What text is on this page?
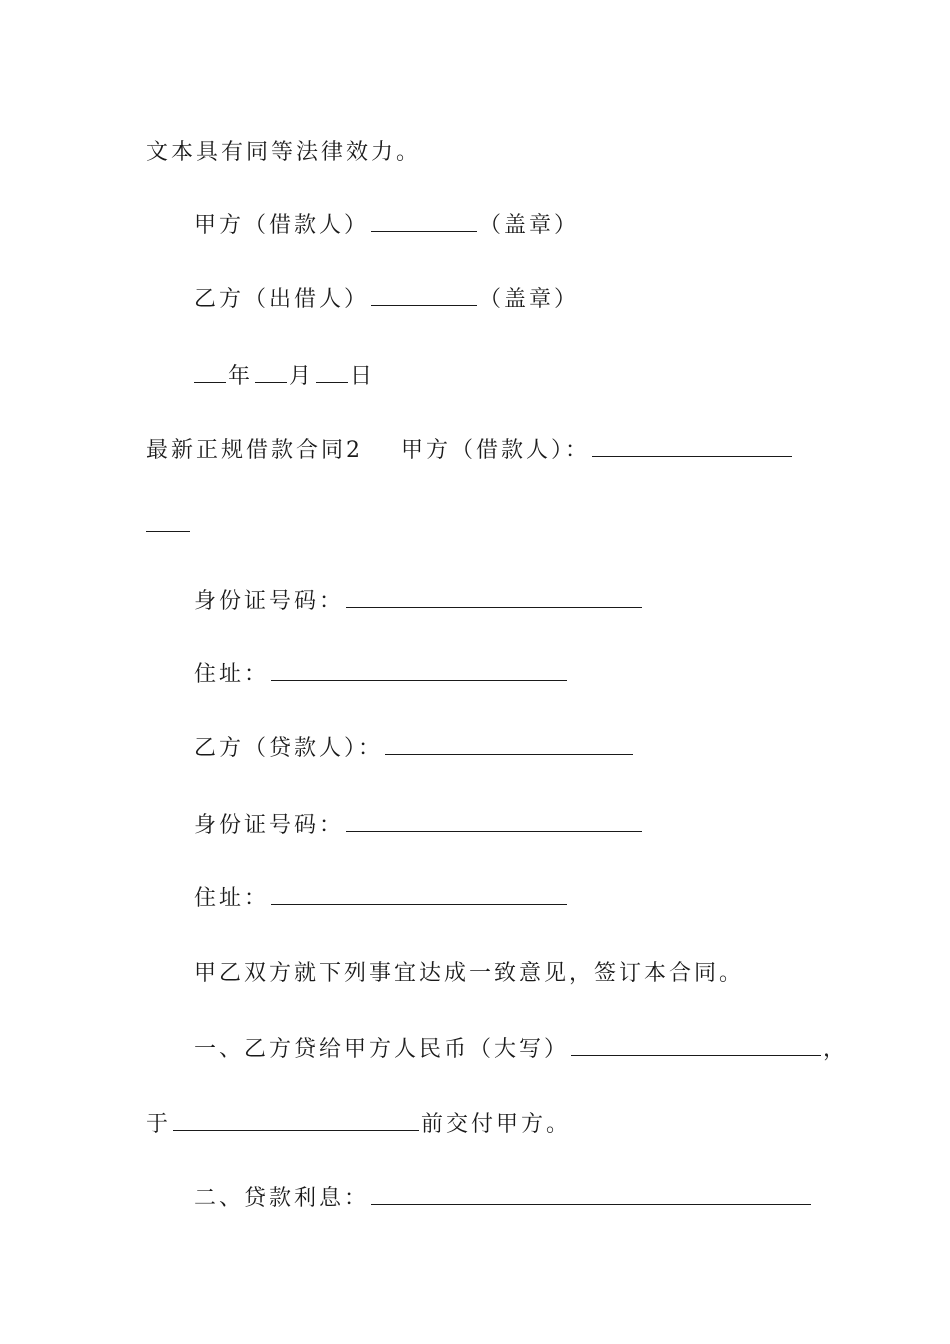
文本具有同等法律效力。
甲方（借款人）	（盖章）
乙方（出借人）	（盖章）
年 月 日
最新正规借款合同2 甲方（借款人）：
身份证号码：
住址：
乙方（贷款人）：
身份证号码：
住址：
甲乙双方就下列事宜达成一致意见，签订本合同。
一、乙方贷给甲方人民币（大写）	，
于	前交付甲方。
二、贷款利息：
